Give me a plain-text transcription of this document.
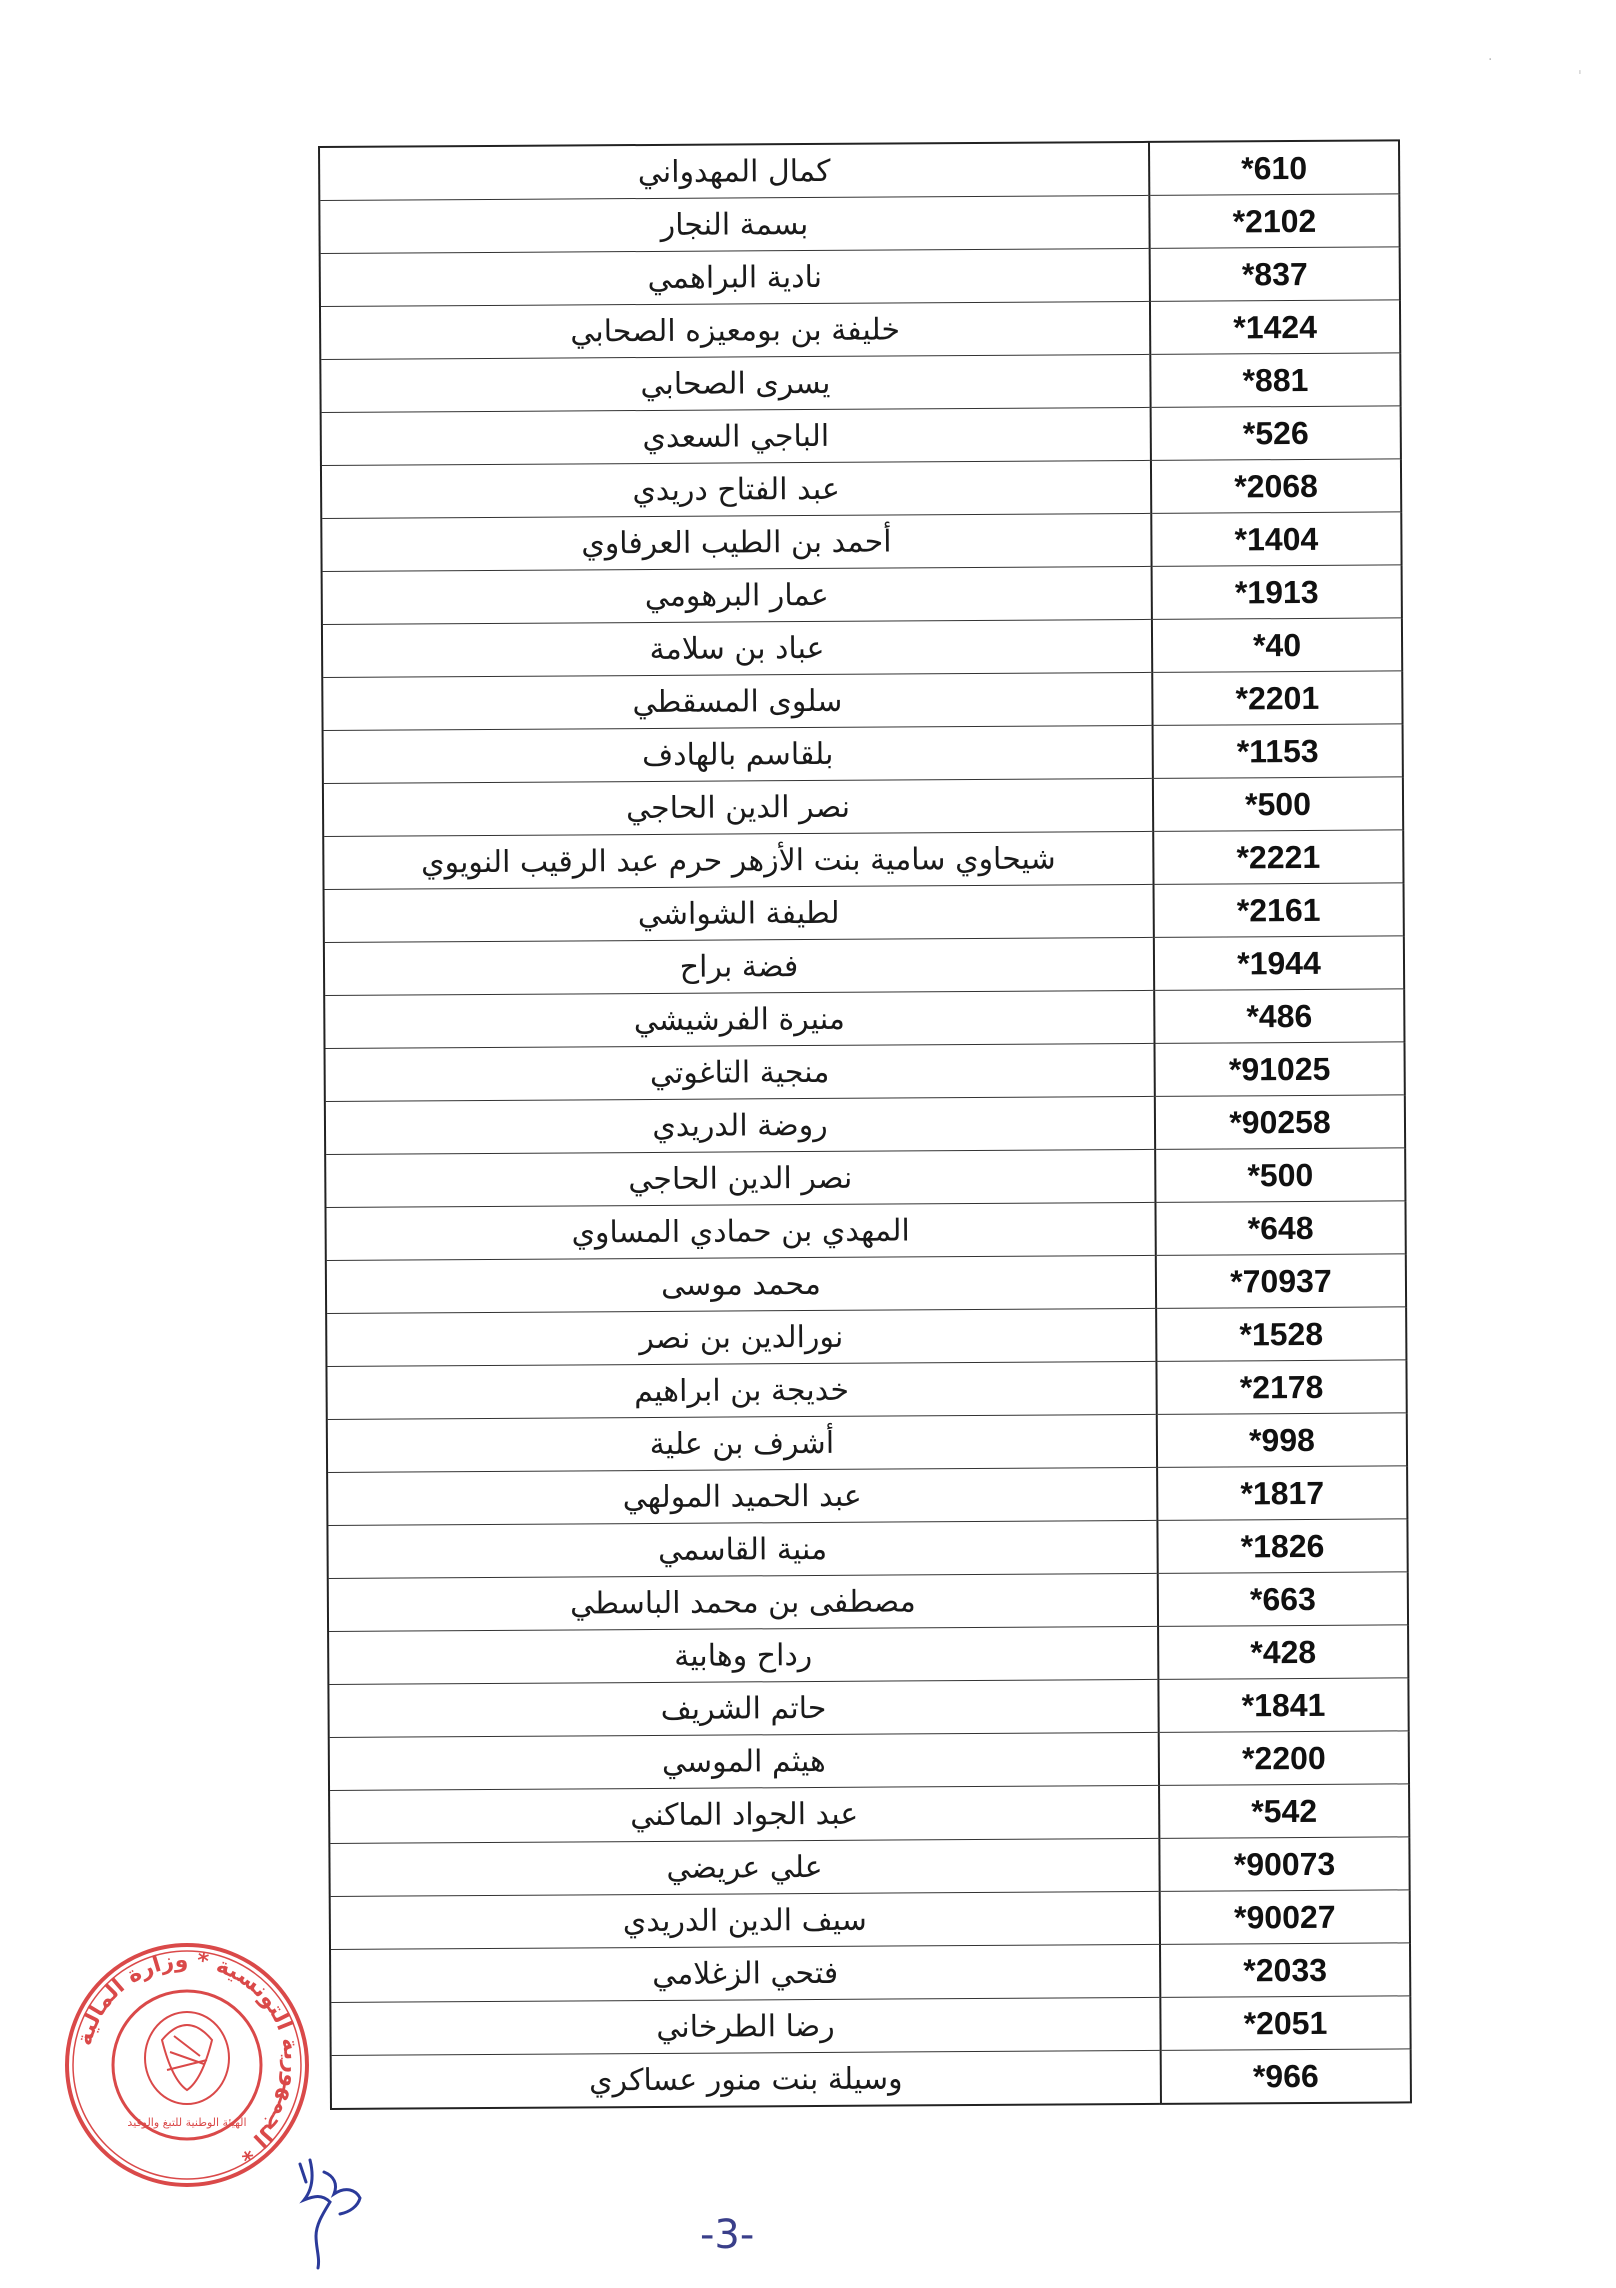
·	ˌ
كمال المهدواني	*610
بسمة النجار	*2102
نادية البراهمي	*837
خليفة بن بومعيزه الصحابي	*1424
يسرى الصحابي	*881
الباجي السعدي	*526
عبد الفتاح دريدي	*2068
أحمد بن الطيب العرفاوي	*1404
عمار البرهومي	*1913
عباد بن سلامة	*40
سلوى المسقطي	*2201
بلقاسم بالهادف	*1153
نصر الدين الحاجي	*500
شيحاوي سامية بنت الأزهر حرم عبد الرقيب النويوي	*2221
لطيفة الشواشي	*2161
فضة براح	*1944
منيرة الفرشيشي	*486
منجية التاغوتي	*91025
روضة الدريدي	*90258
نصر الدين الحاجي	*500
المهدي بن حمادي المساوي	*648
محمد موسى	*70937
نورالدين بن نصر	*1528
خديجة بن ابراهيم	*2178
أشرف بن علية	*998
عبد الحميد المولهي	*1817
منية القاسمي	*1826
مصطفى بن محمد الباسطي	*663
رداح وهابية	*428
حاتم الشريف	*1841
هيثم الموسي	*2200
عبد الجواد الماكني	*542
علي عريضي	*90073
سيف الدين الدريدي	*90027
فتحي الزغلامي	*2033
رضا الطرخاني	*2051
وسيلة بنت منور عساكري	*966
الجمهورية التونسية * وزارة المالية *
الهيئة الوطنية للتبغ والوقيد
-3-
